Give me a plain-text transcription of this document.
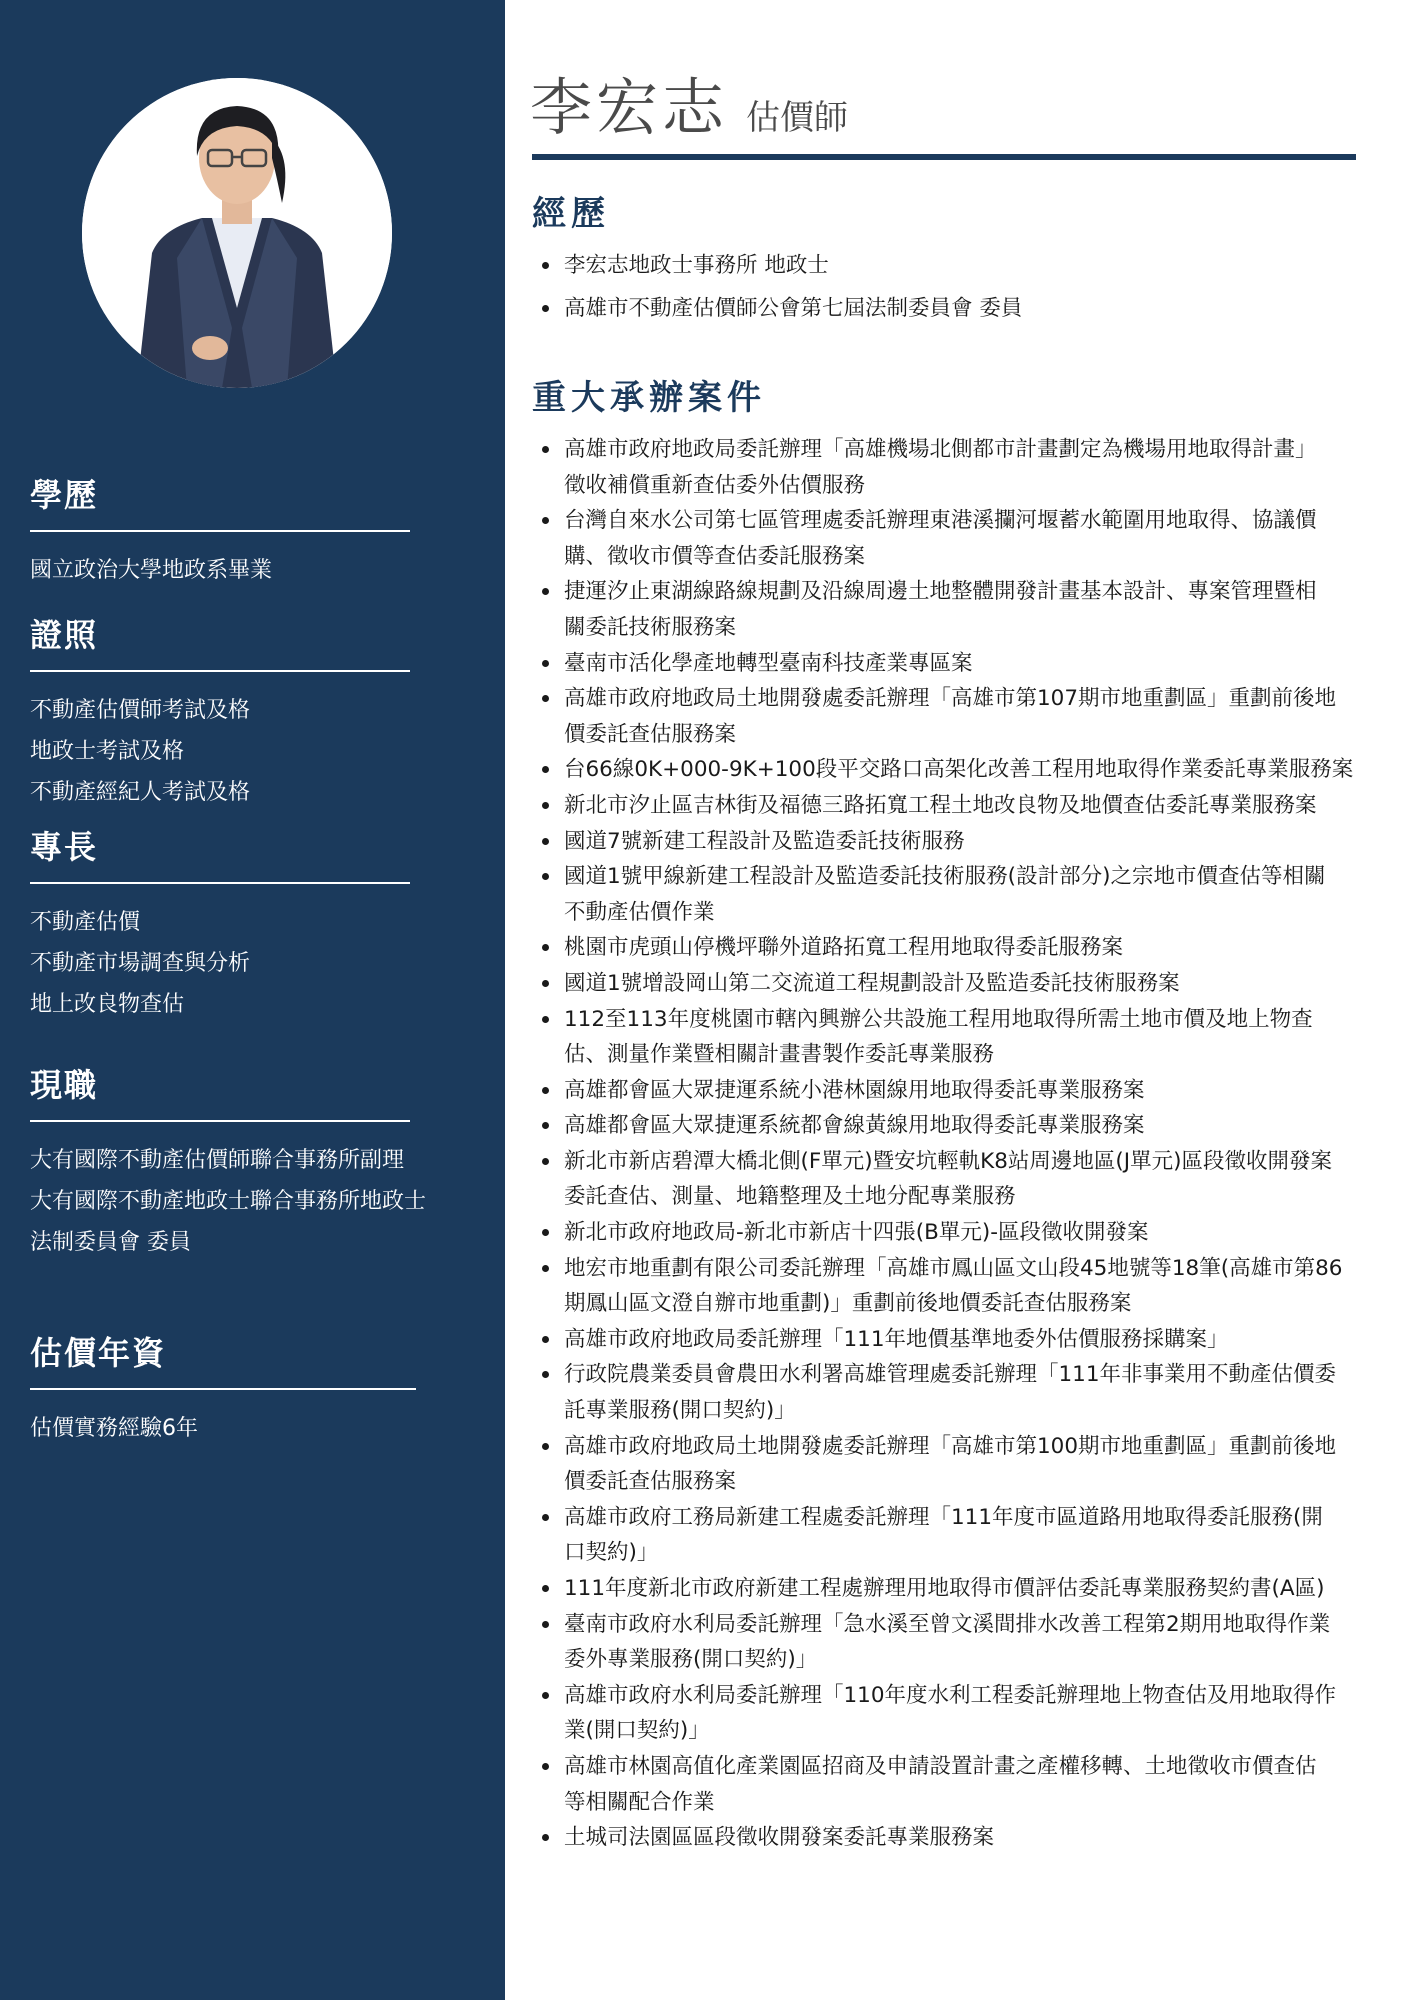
學歷

國立政治大學地政系畢業

證照

不動產估價師考試及格

地政士考試及格

不動產經紀人考試及格

專長

不動產估價

不動產市場調查與分析

地上改良物查估

現職

大有國際不動產估價師聯合事務所副理

大有國際不動產地政士聯合事務所地政士

法制委員會 委員

估價年資

估價實務經驗6年

李宏志 估價師
經歷
李宏志地政士事務所 地政士
高雄市不動產估價師公會第七屆法制委員會 委員
重大承辦案件
高雄市政府地政局委託辦理「高雄機場北側都市計畫劃定為機場用地取得計畫」
徵收補償重新查估委外估價服務
台灣自來水公司第七區管理處委託辦理東港溪攔河堰蓄水範圍用地取得、協議價
購、徵收市價等查估委託服務案
捷運汐止東湖線路線規劃及沿線周邊土地整體開發計畫基本設計、專案管理暨相
關委託技術服務案
臺南市活化學產地轉型臺南科技產業專區案
高雄市政府地政局土地開發處委託辦理「高雄市第107期市地重劃區」重劃前後地
價委託查估服務案
台66線0K+000-9K+100段平交路口高架化改善工程用地取得作業委託專業服務案
新北市汐止區吉林街及福德三路拓寬工程土地改良物及地價查估委託專業服務案
國道7號新建工程設計及監造委託技術服務
國道1號甲線新建工程設計及監造委託技術服務(設計部分)之宗地市價查估等相關
不動產估價作業
桃園市虎頭山停機坪聯外道路拓寬工程用地取得委託服務案
國道1號增設岡山第二交流道工程規劃設計及監造委託技術服務案
112至113年度桃園市轄內興辦公共設施工程用地取得所需土地市價及地上物查
估、測量作業暨相關計畫書製作委託專業服務
高雄都會區大眾捷運系統小港林園線用地取得委託專業服務案
高雄都會區大眾捷運系統都會線黃線用地取得委託專業服務案
新北市新店碧潭大橋北側(F單元)暨安坑輕軌K8站周邊地區(J單元)區段徵收開發案
委託查估、測量、地籍整理及土地分配專業服務
新北市政府地政局-新北市新店十四張(B單元)-區段徵收開發案
地宏市地重劃有限公司委託辦理「高雄市鳳山區文山段45地號等18筆(高雄市第86
期鳳山區文澄自辦市地重劃)」重劃前後地價委託查估服務案
高雄市政府地政局委託辦理「111年地價基準地委外估價服務採購案」
行政院農業委員會農田水利署高雄管理處委託辦理「111年非事業用不動產估價委
託專業服務(開口契約)」
高雄市政府地政局土地開發處委託辦理「高雄市第100期市地重劃區」重劃前後地
價委託查估服務案
高雄市政府工務局新建工程處委託辦理「111年度市區道路用地取得委託服務(開
口契約)」
111年度新北市政府新建工程處辦理用地取得市價評估委託專業服務契約書(A區)
臺南市政府水利局委託辦理「急水溪至曾文溪間排水改善工程第2期用地取得作業
委外專業服務(開口契約)」
高雄市政府水利局委託辦理「110年度水利工程委託辦理地上物查估及用地取得作
業(開口契約)」
高雄市林園高值化產業園區招商及申請設置計畫之產權移轉、土地徵收市價查估
等相關配合作業
土城司法園區區段徵收開發案委託專業服務案
